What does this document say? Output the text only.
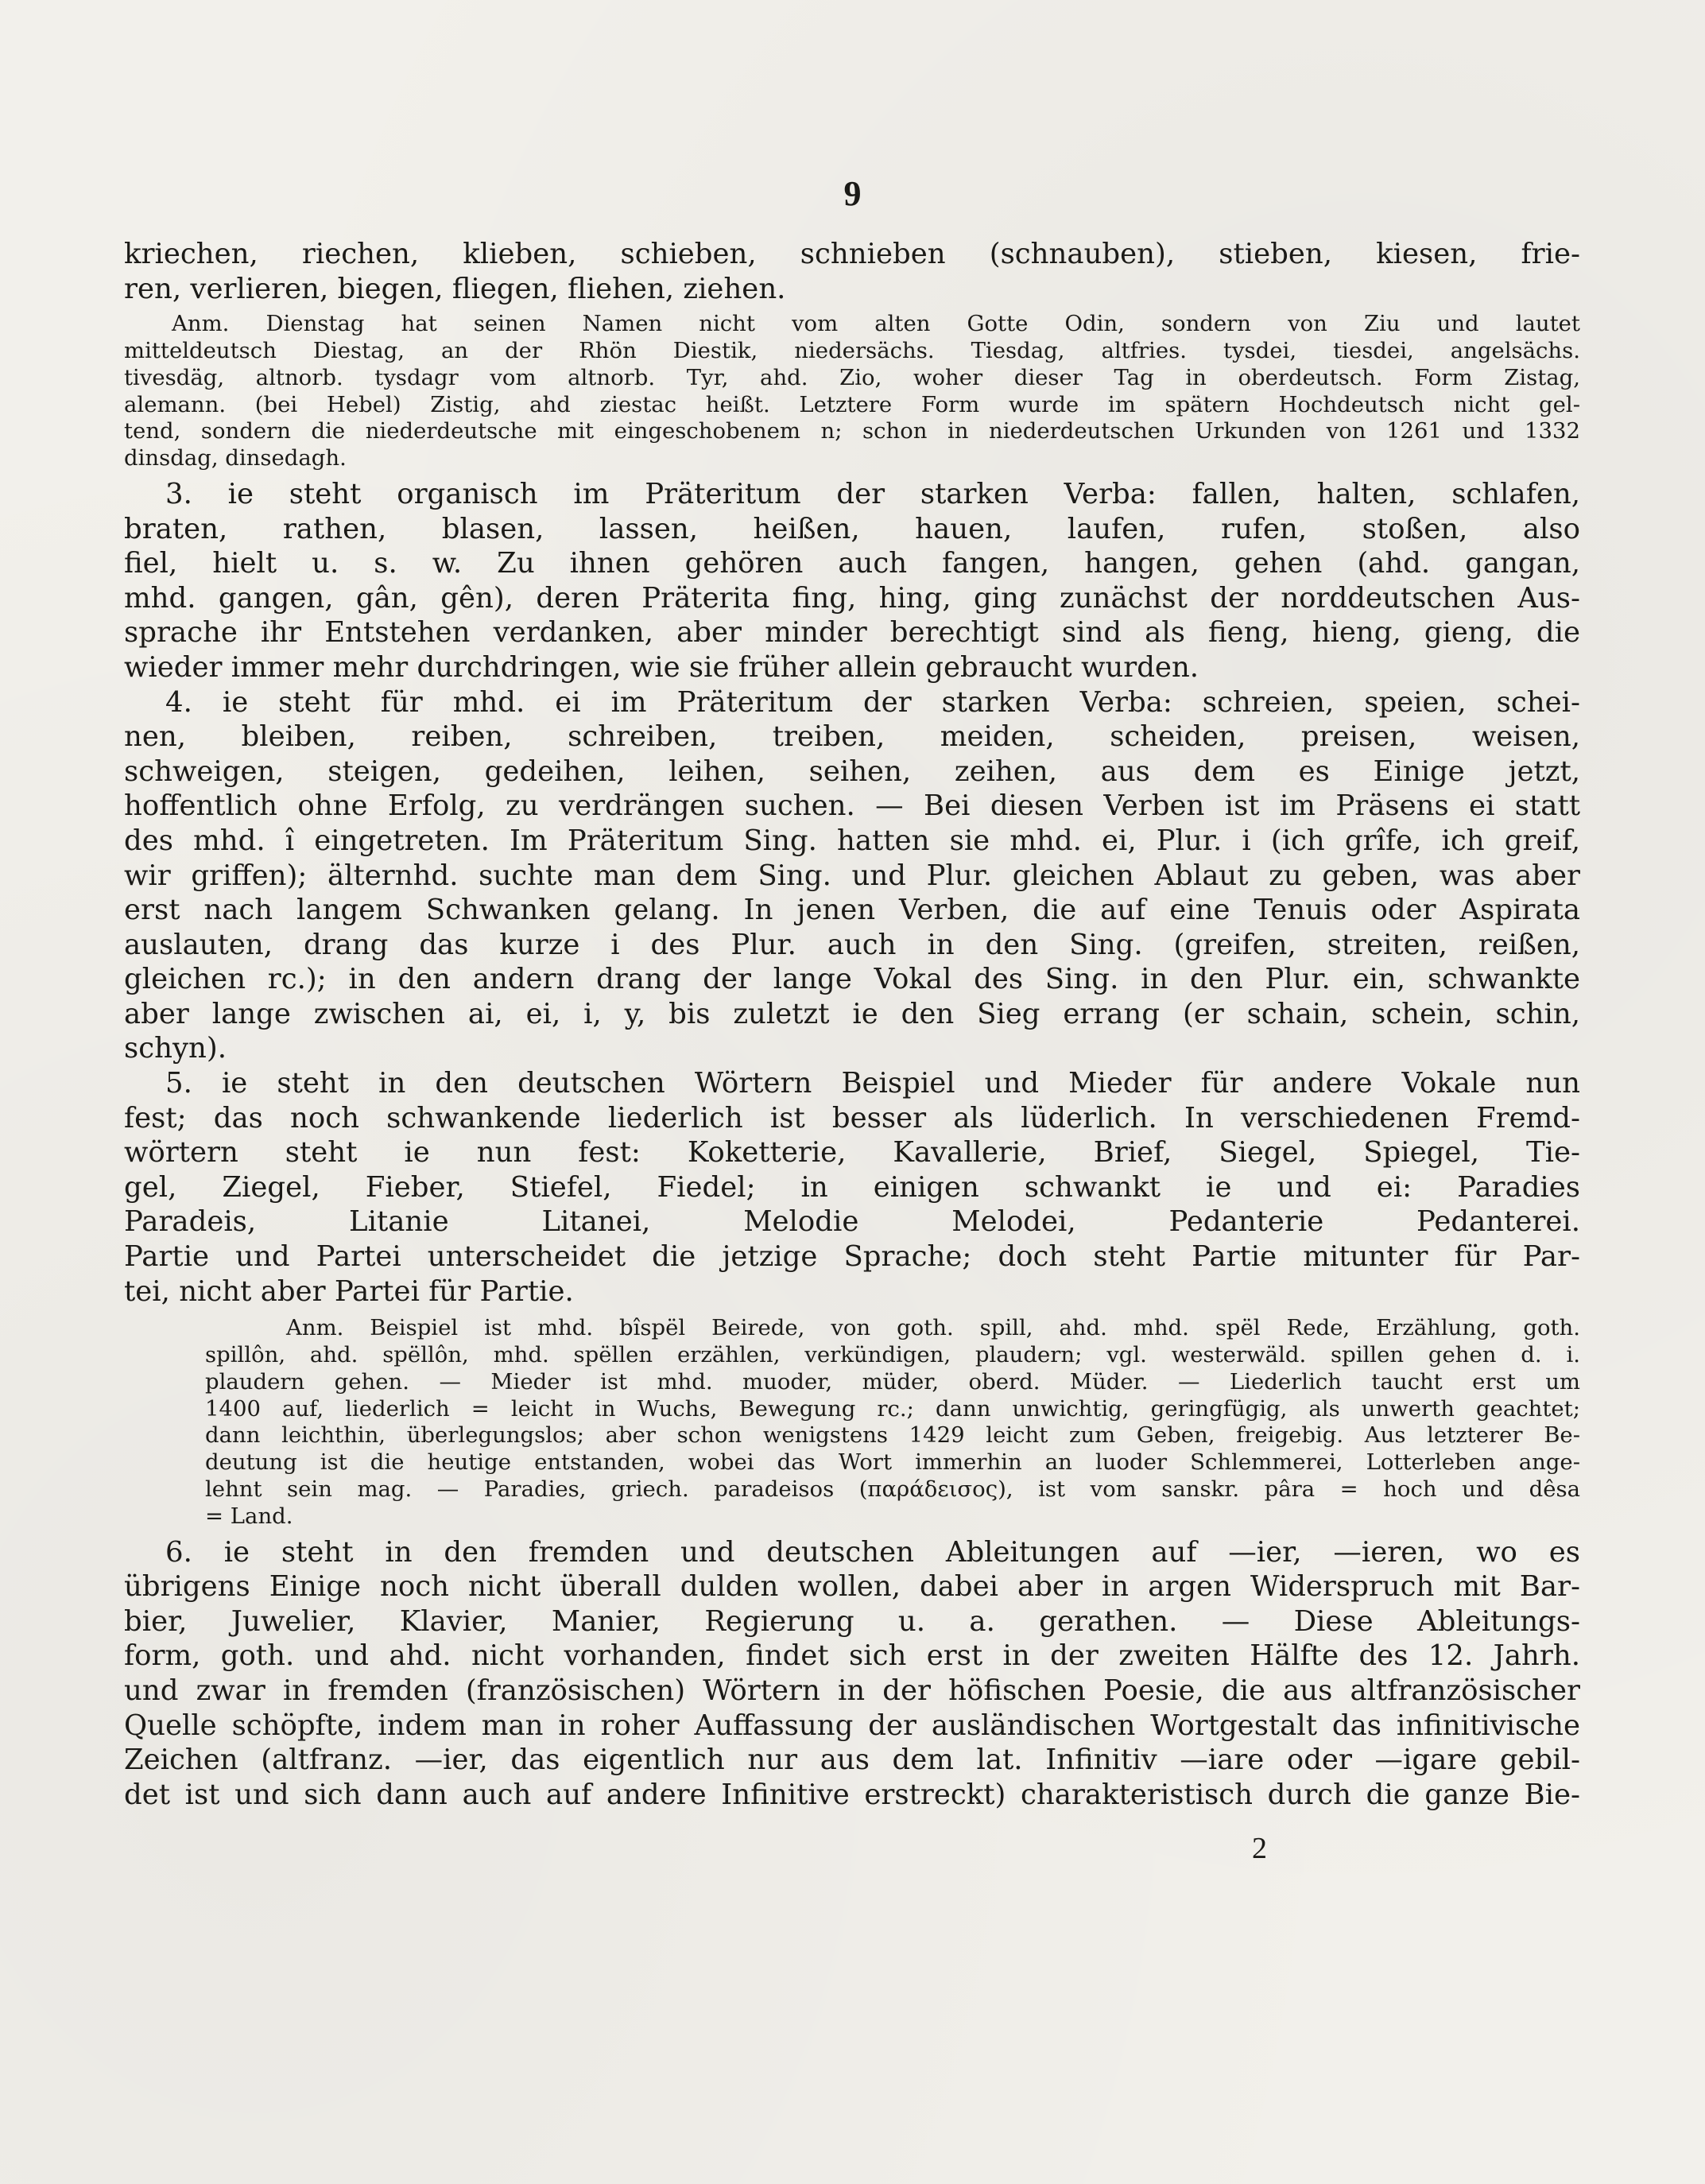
9
kriechen, riechen, klieben, schieben, schnieben (schnauben), stieben, kiesen, frie-
ren, verlieren, biegen, fliegen, fliehen, ziehen.
Anm. Dienstag hat seinen Namen nicht vom alten Gotte Odin, sondern von Ziu und lautet
mitteldeutsch Diestag, an der Rhön Diestik, niedersächs. Tiesdag, altfries. tysdei, tiesdei, angelsächs.
tivesdäg, altnorb. tysdagr vom altnorb. Tyr, ahd. Zio, woher dieser Tag in oberdeutsch. Form Zistag,
alemann. (bei Hebel) Zistig, ahd ziestac heißt. Letztere Form wurde im spätern Hochdeutsch nicht gel-
tend, sondern die niederdeutsche mit eingeschobenem n; schon in niederdeutschen Urkunden von 1261 und 1332
dinsdag, dinsedagh.
3. ie steht organisch im Präteritum der starken Verba: fallen, halten, schlafen,
braten, rathen, blasen, lassen, heißen, hauen, laufen, rufen, stoßen, also
fiel, hielt u. s. w. Zu ihnen gehören auch fangen, hangen, gehen (ahd. gangan,
mhd. gangen, gân, gên), deren Präterita fing, hing, ging zunächst der norddeutschen Aus-
sprache ihr Entstehen verdanken, aber minder berechtigt sind als fieng, hieng, gieng, die
wieder immer mehr durchdringen, wie sie früher allein gebraucht wurden.
4. ie steht für mhd. ei im Präteritum der starken Verba: schreien, speien, schei-
nen, bleiben, reiben, schreiben, treiben, meiden, scheiden, preisen, weisen,
schweigen, steigen, gedeihen, leihen, seihen, zeihen, aus dem es Einige jetzt,
hoffentlich ohne Erfolg, zu verdrängen suchen. — Bei diesen Verben ist im Präsens ei statt
des mhd. î eingetreten. Im Präteritum Sing. hatten sie mhd. ei, Plur. i (ich grîfe, ich greif,
wir griffen); älternhd. suchte man dem Sing. und Plur. gleichen Ablaut zu geben, was aber
erst nach langem Schwanken gelang. In jenen Verben, die auf eine Tenuis oder Aspirata
auslauten, drang das kurze i des Plur. auch in den Sing. (greifen, streiten, reißen,
gleichen rc.); in den andern drang der lange Vokal des Sing. in den Plur. ein, schwankte
aber lange zwischen ai, ei, i, y, bis zuletzt ie den Sieg errang (er schain, schein, schin,
schyn).
5. ie steht in den deutschen Wörtern Beispiel und Mieder für andere Vokale nun
fest; das noch schwankende liederlich ist besser als lüderlich. In verschiedenen Fremd-
wörtern steht ie nun fest: Koketterie, Kavallerie, Brief, Siegel, Spiegel, Tie-
gel, Ziegel, Fieber, Stiefel, Fiedel; in einigen schwankt ie und ei: Paradies
Paradeis, Litanie Litanei, Melodie Melodei, Pedanterie Pedanterei.
Partie und Partei unterscheidet die jetzige Sprache; doch steht Partie mitunter für Par-
tei, nicht aber Partei für Partie.
Anm. Beispiel ist mhd. bîspël Beirede, von goth. spill, ahd. mhd. spël Rede, Erzählung, goth.
spillôn, ahd. spëllôn, mhd. spëllen erzählen, verkündigen, plaudern; vgl. westerwäld. spillen gehen d. i.
plaudern gehen. — Mieder ist mhd. muoder, müder, oberd. Müder. — Liederlich taucht erst um
1400 auf, liederlich = leicht in Wuchs, Bewegung rc.; dann unwichtig, geringfügig, als unwerth geachtet;
dann leichthin, überlegungslos; aber schon wenigstens 1429 leicht zum Geben, freigebig. Aus letzterer Be-
deutung ist die heutige entstanden, wobei das Wort immerhin an luoder Schlemmerei, Lotterleben ange-
lehnt sein mag. — Paradies, griech. paradeisos (παράδεισος), ist vom sanskr. pâra = hoch und dêsa
= Land.
6. ie steht in den fremden und deutschen Ableitungen auf —ier, —ieren, wo es
übrigens Einige noch nicht überall dulden wollen, dabei aber in argen Widerspruch mit Bar-
bier, Juwelier, Klavier, Manier, Regierung u. a. gerathen. — Diese Ableitungs-
form, goth. und ahd. nicht vorhanden, findet sich erst in der zweiten Hälfte des 12. Jahrh.
und zwar in fremden (französischen) Wörtern in der höfischen Poesie, die aus altfranzösischer
Quelle schöpfte, indem man in roher Auffassung der ausländischen Wortgestalt das infinitivische
Zeichen (altfranz. —ier, das eigentlich nur aus dem lat. Infinitiv —iare oder —igare gebil-
det ist und sich dann auch auf andere Infinitive erstreckt) charakteristisch durch die ganze Bie-
2
